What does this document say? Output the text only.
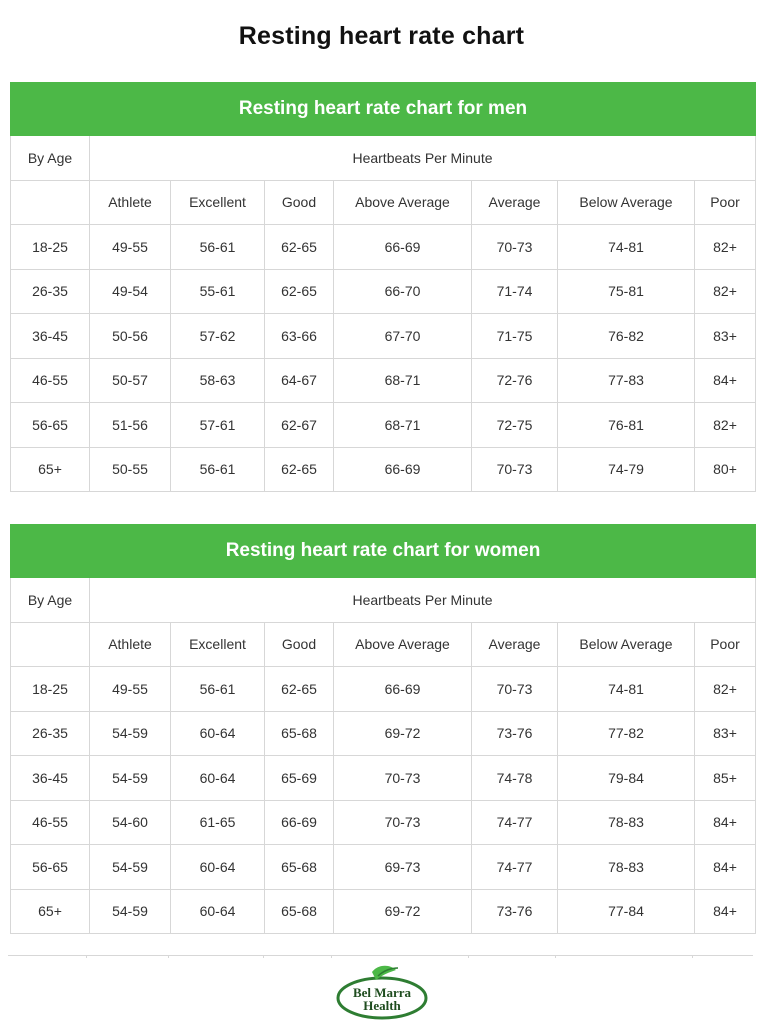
Resting heart rate chart
Resting heart rate chart for men							
By Age	Heartbeats Per Minute						
	Athlete	Excellent	Good	Above Average	Average	Below Average	Poor
18-25	49-55	56-61	62-65	66-69	70-73	74-81	82+
26-35	49-54	55-61	62-65	66-70	71-74	75-81	82+
36-45	50-56	57-62	63-66	67-70	71-75	76-82	83+
46-55	50-57	58-63	64-67	68-71	72-76	77-83	84+
56-65	51-56	57-61	62-67	68-71	72-75	76-81	82+
65+	50-55	56-61	62-65	66-69	70-73	74-79	80+
Resting heart rate chart for women							
By Age	Heartbeats Per Minute						
	Athlete	Excellent	Good	Above Average	Average	Below Average	Poor
18-25	49-55	56-61	62-65	66-69	70-73	74-81	82+
26-35	54-59	60-64	65-68	69-72	73-76	77-82	83+
36-45	54-59	60-64	65-69	70-73	74-78	79-84	85+
46-55	54-60	61-65	66-69	70-73	74-77	78-83	84+
56-65	54-59	60-64	65-68	69-73	74-77	78-83	84+
65+	54-59	60-64	65-68	69-72	73-76	77-84	84+
Bel Marra
Health
